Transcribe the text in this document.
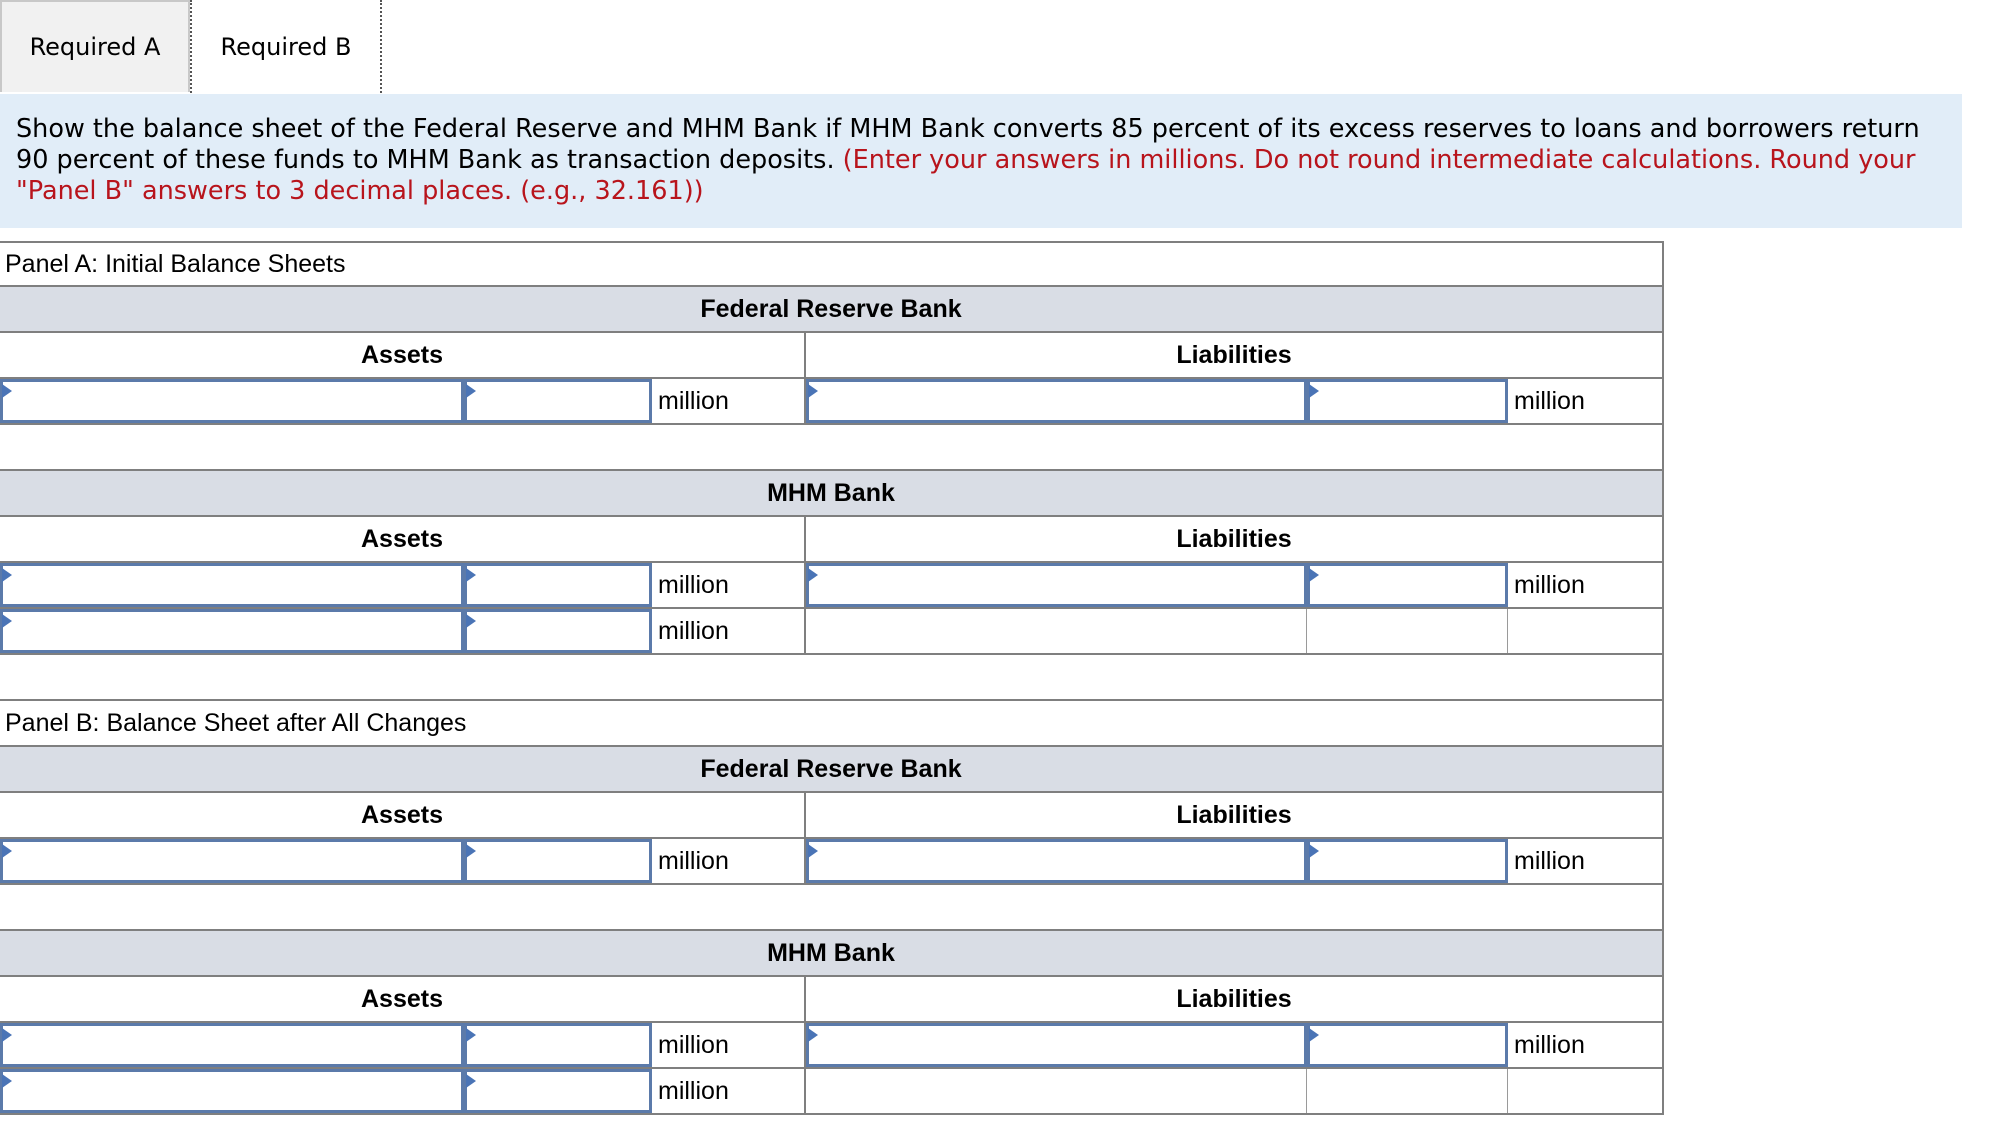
Required A	Required B
Show the balance sheet of the Federal Reserve and MHM Bank if MHM Bank converts 85 percent of its excess reserves to loans and borrowers return 90 percent of these funds to MHM Bank as transaction deposits. (Enter your answers in millions. Do not round intermediate calculations. Round your "Panel B" answers to 3 decimal places. (e.g., 32.161))
Panel A: Initial Balance Sheets
Federal Reserve Bank
Assets	Liabilities
million	million
MHM Bank
Assets	Liabilities
million	million
million
Panel B: Balance Sheet after All Changes
Federal Reserve Bank
Assets	Liabilities
million	million
MHM Bank
Assets	Liabilities
million	million
million
